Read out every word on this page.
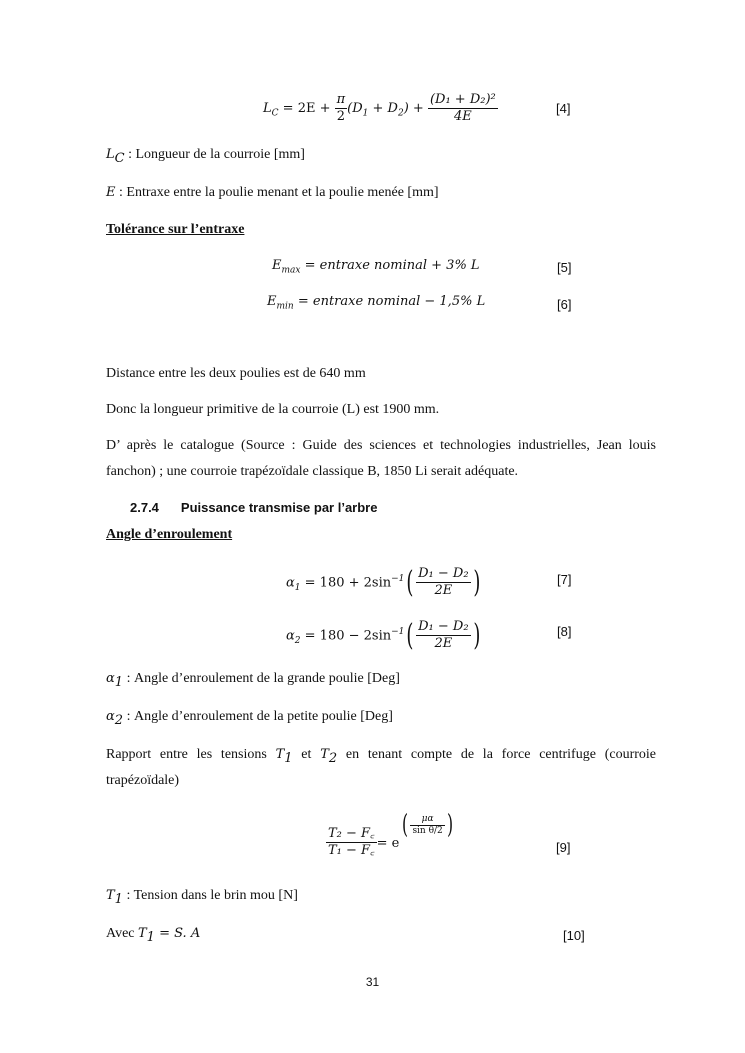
$L_C = 2E + \frac{\pi}{2} (D_1 + D_2) + \frac{\text{(D₁ + D₂)²}}{4E}$	[4]
$L_C$ : Longueur de la courroie [mm]
E : Entraxe entre la poulie menant et la poulie menée [mm]
Tolérance sur l’entraxe
$E_{max}$ = entraxe nominal + 3% L	[5]
$E_{min}$ = entraxe nominal − 1,5% L	[6]
Distance entre les deux poulies est de 640 mm
Donc la longueur primitive de la courroie (L) est 1900 mm.
D’ après le catalogue (Source : Guide des sciences et technologies industrielles, Jean louis
fanchon) ; une courroie trapézoïdale classique B, 1850 Li serait adéquate.
2.7.4 Puissance transmise par l’arbre
Angle d’enroulement
$\alpha_1 = 180 + 2\sin^{-1}( \frac{\text{D₁ − D₂}}{2E}$ )	[7]
$\alpha_2 = 180 - 2\sin^{-1}( \frac{\text{D₁ − D₂}}{2E}$ )	[8]
$\alpha_1$ : Angle d’enroulement de la grande poulie [Deg]
$\alpha_2$ : Angle d’enroulement de la petite poulie [Deg]
Rapport entre les tensions $T_1$ et $T_2$ en tenant compte de la force centrifuge (courroie
trapézoïdale)
$\frac{\text{T₂ − F꜀}}{\text{T₁ − F꜀}} = e( \frac{\mu\alpha}{\text{sin θ/2}}$ )
[9]
$T_1$ : Tension dans le brin mou [N]
Avec $T_1 = S$. A	[10]
31
